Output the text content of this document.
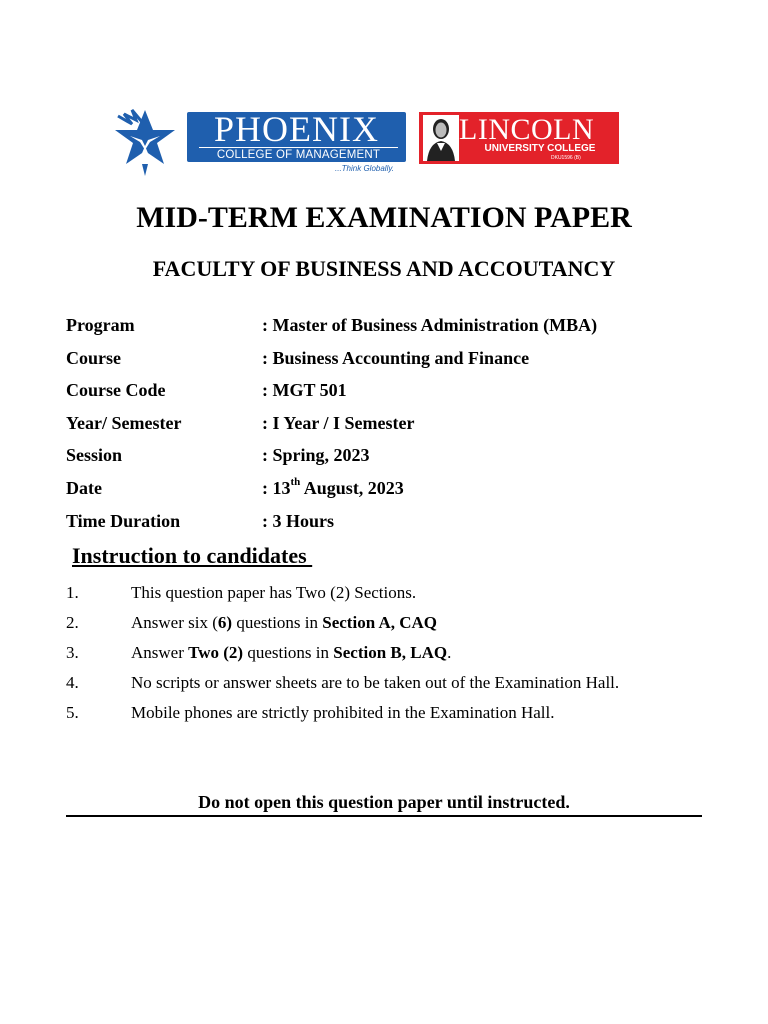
PHOENIX
COLLEGE OF MANAGEMENT
...Think Globally.
LINCOLN
UNIVERSITY COLLEGE
DKU1596 (B)
MID-TERM EXAMINATION PAPER
FACULTY OF BUSINESS AND ACCOUTANCY
Program	: Master of Business Administration (MBA)
Course	: Business Accounting and Finance
Course Code	: MGT 501
Year/ Semester	: I Year / I Semester
Session	: Spring, 2023
Date	: 13th August, 2023
Time Duration	: 3 Hours
Instruction to candidates
1.	This question paper has Two (2) Sections.
2.	Answer six (6) questions in Section A, CAQ
3.	Answer Two (2) questions in Section B, LAQ.
4.	No scripts or answer sheets are to be taken out of the Examination Hall.
5.	Mobile phones are strictly prohibited in the Examination Hall.
Do not open this question paper until instructed.
